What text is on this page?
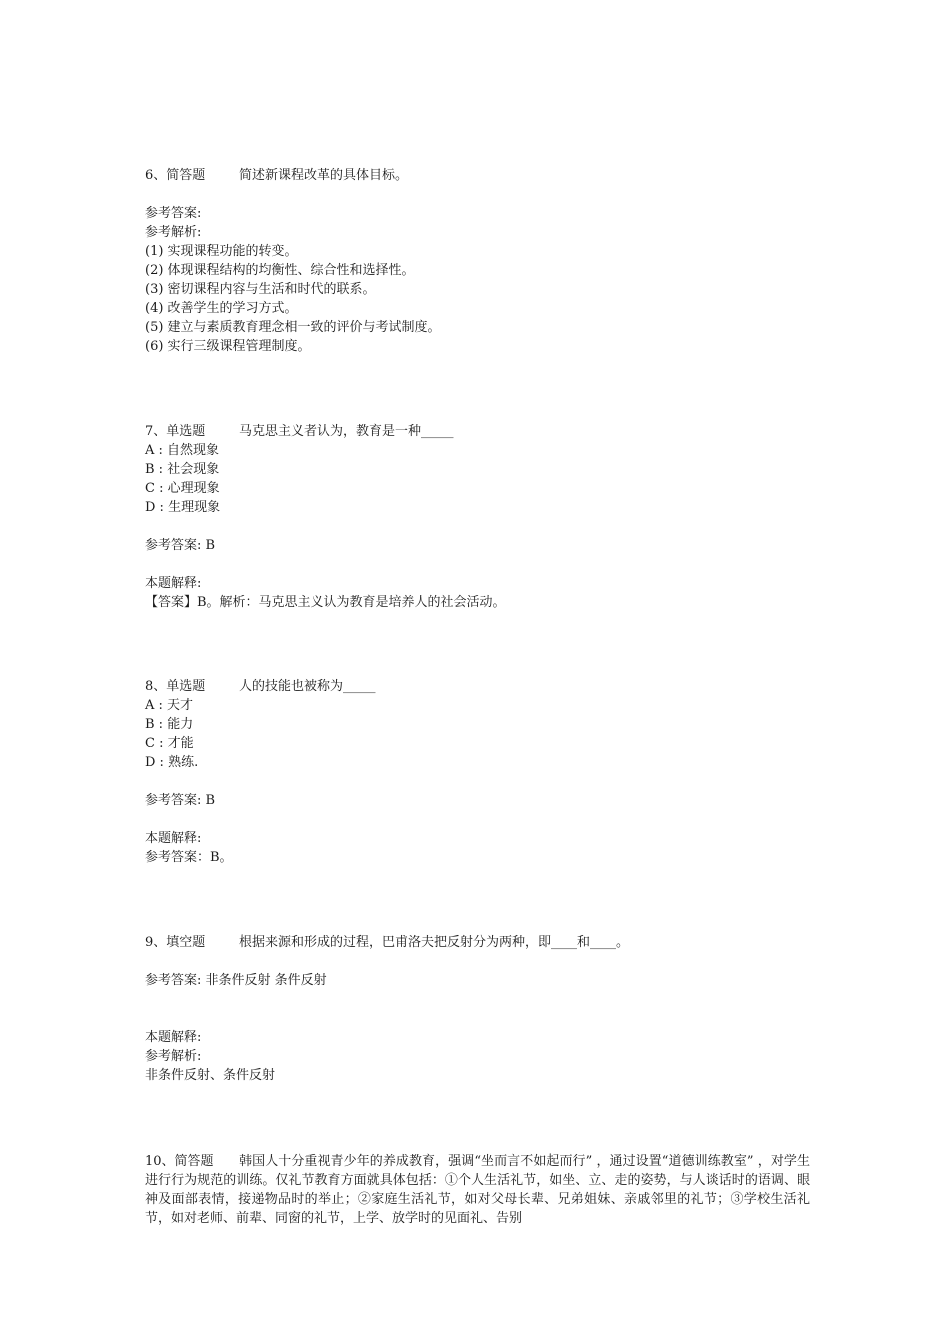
6、简答题	简述新课程改革的具体目标。
参考答案:
参考解析:
(1) 实现课程功能的转变。
(2) 体现课程结构的均衡性、综合性和选择性。
(3) 密切课程内容与生活和时代的联系。
(4) 改善学生的学习方式。
(5) 建立与素质教育理念相一致的评价与考试制度。
(6) 实行三级课程管理制度。
7、单选题	马克思主义者认为，教育是一种_____
A : 自然现象
B : 社会现象
C : 心理现象
D : 生理现象
参考答案: B
本题解释:
【答案】B。解析：马克思主义认为教育是培养人的社会活动。
8、单选题	人的技能也被称为_____
A : 天才
B : 能力
C : 才能
D : 熟练.
参考答案: B
本题解释:
参考答案：B。
9、填空题	根据来源和形成的过程，巴甫洛夫把反射分为两种，即____和____。
参考答案: 非条件反射 条件反射
本题解释:
参考解析:
非条件反射、条件反射
10、简答题 韩国人十分重视青少年的养成教育，强调“坐而言不如起而行” ，通过设置“道德训练教室” ，对学生进行行为规范的训练。仅礼节教育方面就具体包括：①个人生活礼节，如坐、立、走的姿势，与人谈话时的语调、眼神及面部表情，接递物品时的举止；②家庭生活礼节，如对父母长辈、兄弟姐妹、亲戚邻里的礼节；③学校生活礼节，如对老师、前辈、同窗的礼节，上学、放学时的见面礼、告别
